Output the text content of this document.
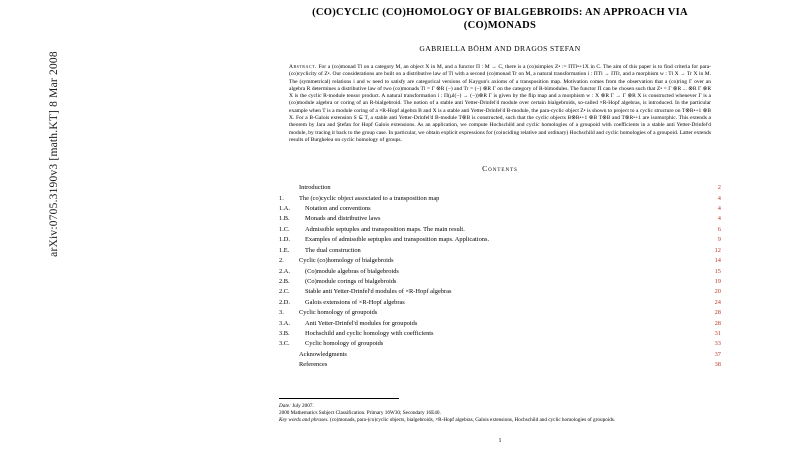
arXiv:0705.3190v3 [math.KT] 8 Mar 2008
(CO)CYCLIC (CO)HOMOLOGY OF BIALGEBROIDS: AN APPROACH VIA
(CO)MONADS
GABRIELLA BÖHM AND DRAGOS STEFAN
Abstract. For a (co)monad Tl on a category M, an object X in M, and a functor Π : M → C, there is a (co)simplex Z• := ΠTl•+1X in C. The aim of this paper is to find criteria for para-(co)cyclicity of Z•. Our considerations are built on a distributive law of Tl with a second (co)monad Tr on M, a natural transformation i : ΠTl → ΠTr, and a morphism w : Tl X → Tr X in M. The (symmetrical) relations i and w need to satisfy are categorical versions of Kaygun's axioms of a transposition map. Motivation comes from the observation that a (co)ring Γ over an algebra R determines a distributive law of two (co)monads Tl = Γ ⊗R (−) and Tr = (−) ⊗R Γ on the category of R-bimodules. The functor Π can be chosen such that Z• = Γ ⊗R ... ⊗R Γ ⊗R X is the cyclic R-module tensor product. A natural transformation i : Π(µl(−) → (−))⊗R Γ is given by the flip map and a morphism w : X ⊗R Γ → Γ ⊗R X is constructed whenever Γ is a (co)module algebra or coring of an R-bialgebroid. The notion of a stable anti Yetter-Drinfel'd module over certain bialgebroids, so-called ×R-Hopf algebras, is introduced. In the particular example when T is a module coring of a ×R-Hopf algebra B and X is a stable anti Yetter-Drinfel'd B-module, the para-cyclic object Z• is shown to project to a cyclic structure on T⊗R•+1 ⊗B X. For a B-Galois extension S ⊆ T, a stable anti Yetter-Drinfel'd B-module T⊗B is constructed, such that the cyclic objects B⊗R•+1 ⊗B T⊗B and T⊗R•+1 are isomorphic. This extends a theorem by Jara and Ştefan for Hopf Galois extensions. As an application, we compute Hochschild and cyclic homologies of a groupoid with coefficients in a stable anti Yetter-Drinfel'd module, by tracing it back to the group case. In particular, we obtain explicit expressions for (coinciding relative and ordinary) Hochschild and cyclic homologies of a groupoid. Latter extends results of Burghelea on cyclic homology of groups.
Contents
Introduction	2
1.	The (co)cyclic object associated to a transposition map	4
1.A.	Notation and conventions	4
1.B.	Monads and distributive laws	4
1.C.	Admissible septuples and transposition maps. The main result.	6
1.D.	Examples of admissible septuples and transposition maps. Applications.	9
1.E.	The dual construction	12
2.	Cyclic (co)homology of bialgebroids	14
2.A.	(Co)module algebras of bialgebroids	15
2.B.	(Co)module corings of bialgebroids	19
2.C.	Stable anti Yetter-Drinfel'd modules of ×R-Hopf algebras	20
2.D.	Galois extensions of ×R-Hopf algebras	24
3.	Cyclic homology of groupoids	28
3.A.	Anti Yetter-Drinfel'd modules for groupoids	28
3.B.	Hochschild and cyclic homology with coefficients	31
3.C.	Cyclic homology of groupoids	33
Acknowledgments	37
References	38
Date: July 2007.
2000 Mathematics Subject Classification. Primary 16W30; Secondary 16E40.
Key words and phrases. (co)monads, para-(co)cyclic objects, bialgebroids, ×R-Hopf algebras, Galois extensions, Hochschild and cyclic homologies of groupoids.
1
